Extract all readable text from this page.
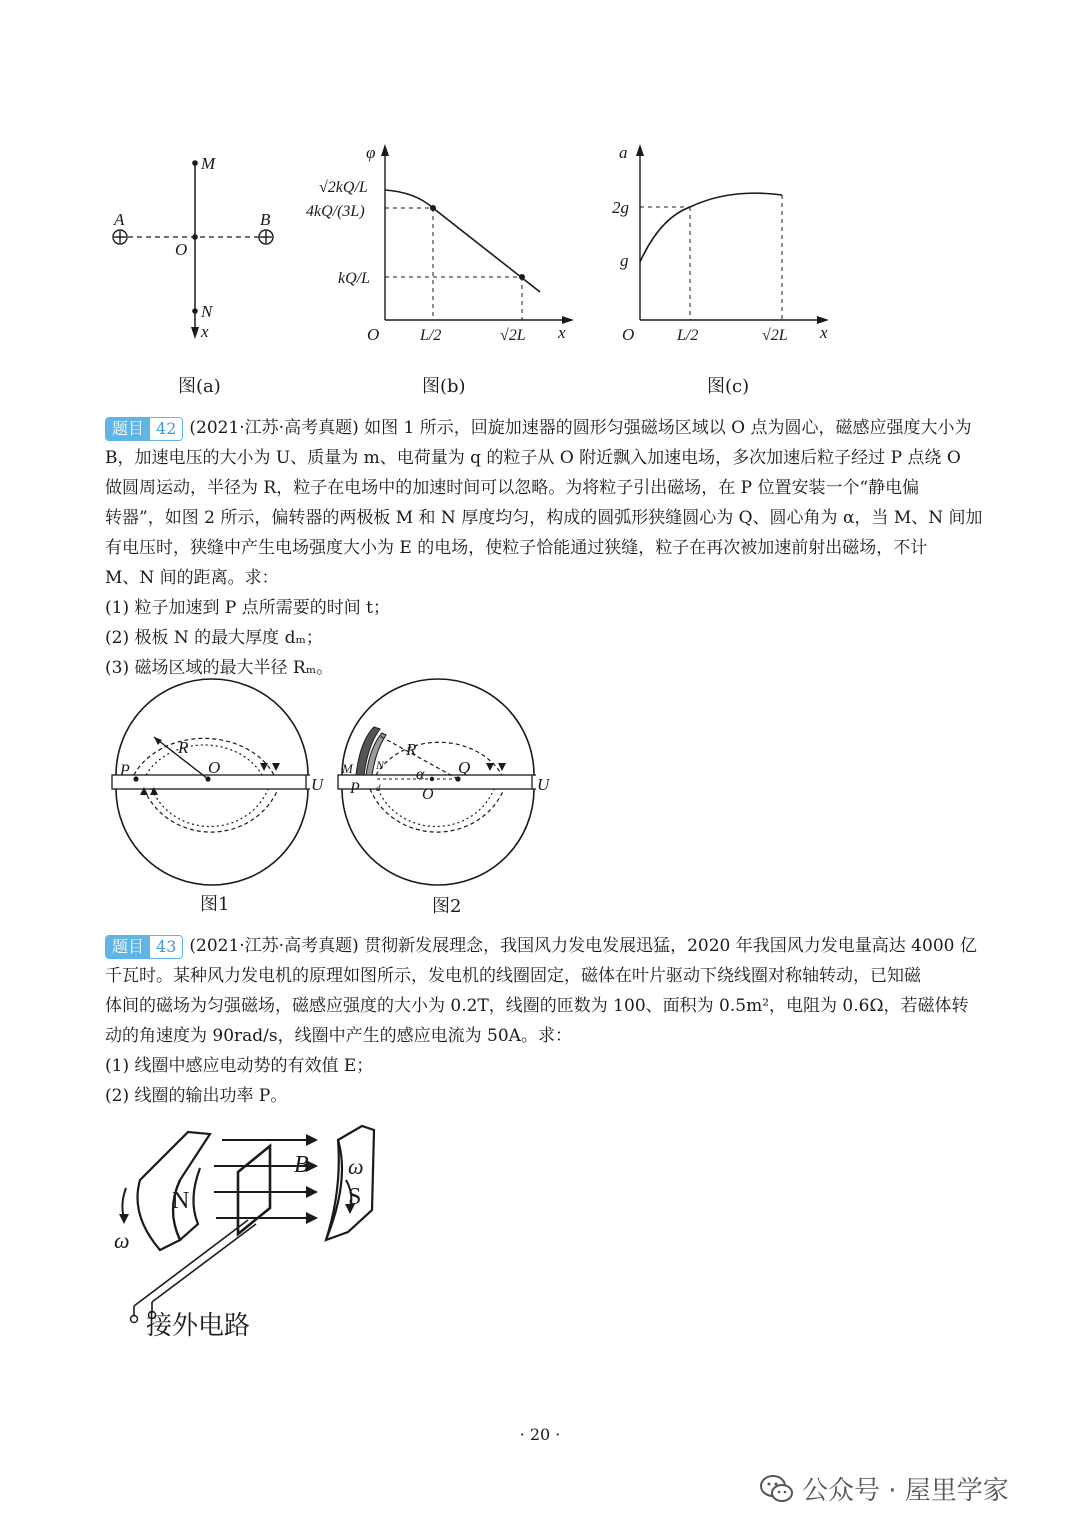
M
A	B
O
N
x
图(a)
φ
√2kQ/L
4kQ/(3L)
kQ/L
O	L/2	√2L x
图(b)
a
2g
g
O	L/2	√2L x
图(c)
题目 42 (2021·江苏·高考真题) 如图 1 所示，回旋加速器的圆形匀强磁场区域以 O 点为圆心，磁感应强度大小为
B，加速电压的大小为 U、质量为 m、电荷量为 q 的粒子从 O 附近飘入加速电场，多次加速后粒子经过 P 点绕 O
做圆周运动，半径为 R，粒子在电场中的加速时间可以忽略。为将粒子引出磁场，在 P 位置安装一个“静电偏
转器”，如图 2 所示，偏转器的两极板 M 和 N 厚度均匀，构成的圆弧形狭缝圆心为 Q、圆心角为 α，当 M、N 间加
有电压时，狭缝中产生电场强度大小为 E 的电场，使粒子恰能通过狭缝，粒子在再次被加速前射出磁场，不计
M、N 间的距离。求：
(1) 粒子加速到 P 点所需要的时间 t；
(2) 极板 N 的最大厚度 dₘ；
(3) 磁场区域的最大半径 Rₘ。
R
O
P
U
图1
R
Q
O
α
M N
P d	U
图2
题目 43 (2021·江苏·高考真题) 贯彻新发展理念，我国风力发电发展迅猛，2020 年我国风力发电量高达 4000 亿
千瓦时。某种风力发电机的原理如图所示，发电机的线圈固定，磁体在叶片驱动下绕线圈对称轴转动，已知磁
体间的磁场为匀强磁场，磁感应强度的大小为 0.2T，线圈的匝数为 100、面积为 0.5m²，电阻为 0.6Ω，若磁体转
动的角速度为 90rad/s，线圈中产生的感应电流为 50A。求：
(1) 线圈中感应电动势的有效值 E；
(2) 线圈的输出功率 P。
N	S
B
ω
ω
接外电路
· 20 ·
公众号 · 屋里学家
